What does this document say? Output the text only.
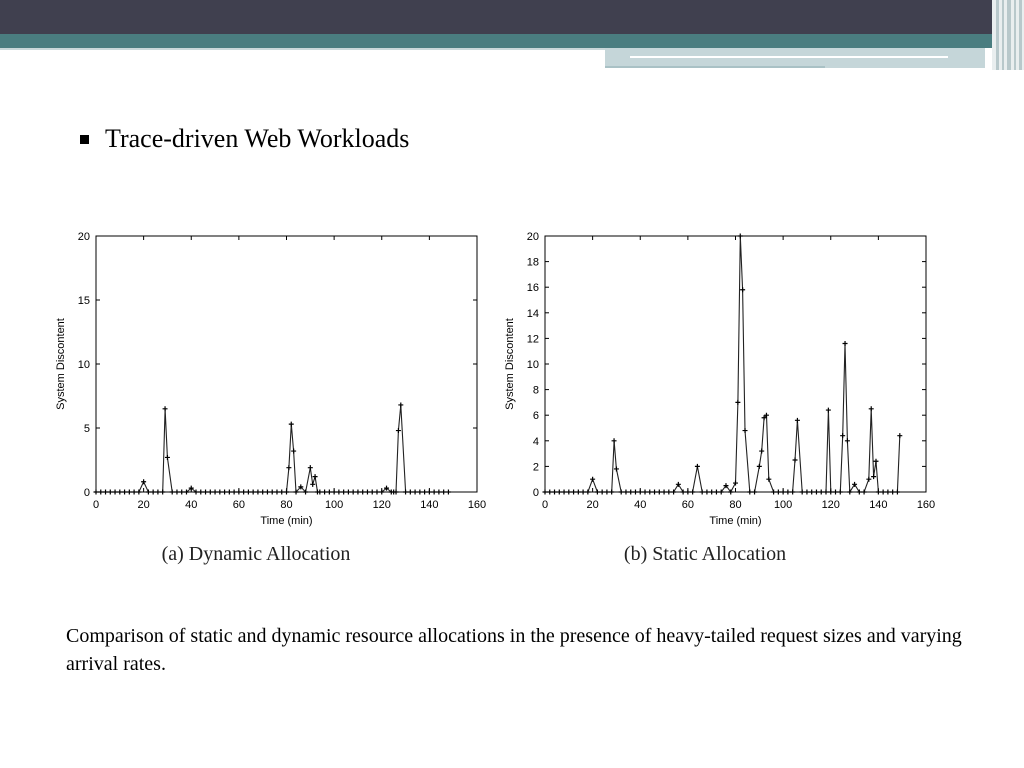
Trace-driven Web Workloads
0	20	40	60	80	100	120	140	160
0
5
10
15
20
Time (min)
System Discontent
(a) Dynamic Allocation
0	20	40	60	80	100	120	140	160
0
2
4
6
8
10
12
14
16
18
20
Time (min)
System Discontent
(b) Static Allocation
Comparison of static and dynamic resource allocations in the presence of heavy-tailed request sizes and varying arrival rates.
